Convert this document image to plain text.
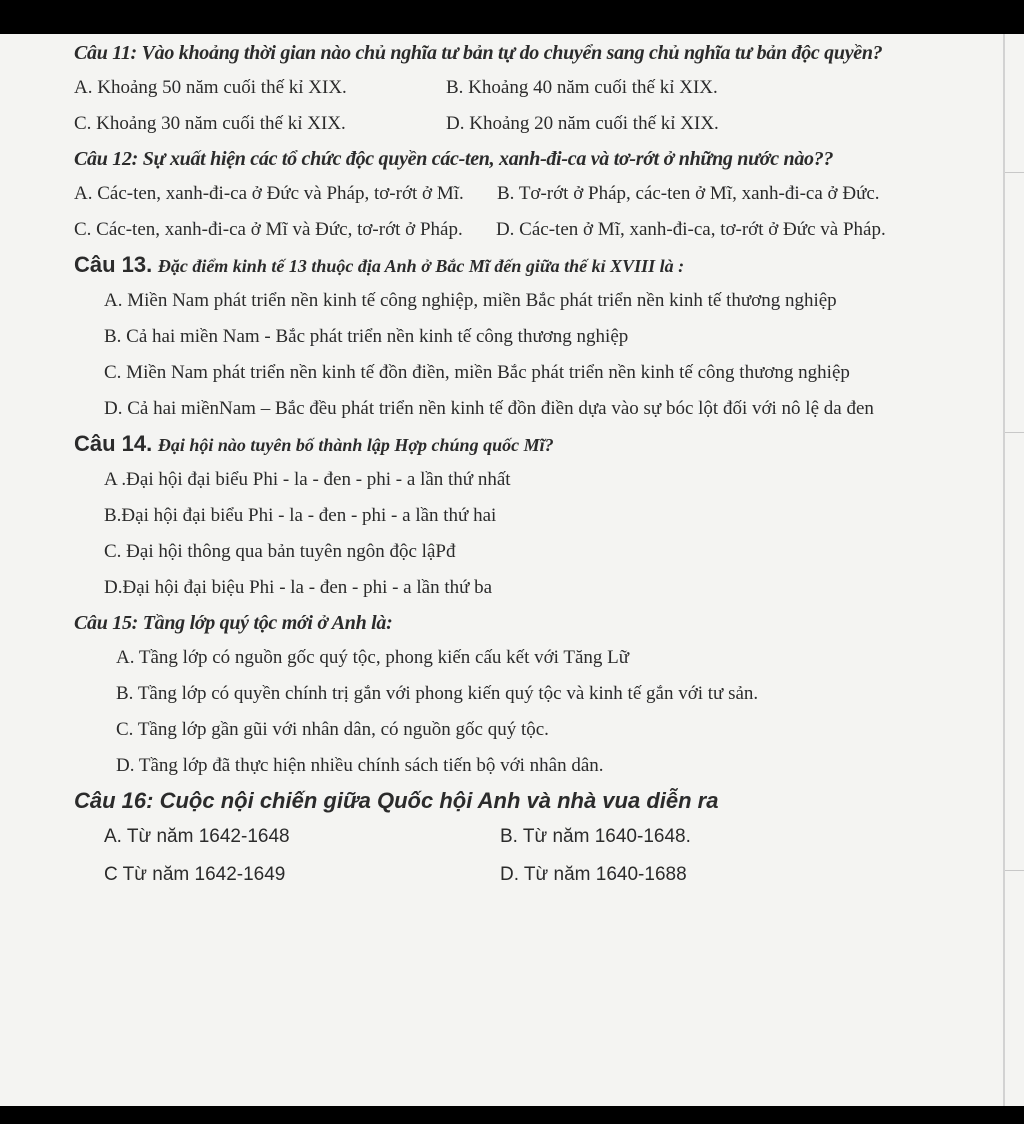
Câu 11: Vào khoảng thời gian nào chủ nghĩa tư bản tự do chuyển sang chủ nghĩa tư bản độc quyền?

A. Khoảng 50 năm cuối thế kỉ XIX.	B. Khoảng 40 năm cuối thế kỉ XIX.
C. Khoảng 30 năm cuối thế kỉ XIX.	D. Khoảng 20 năm cuối thế kỉ XIX.

Câu 12: Sự xuất hiện các tổ chức độc quyền các-ten, xanh-đi-ca và tơ-rớt ở những nước nào??

A. Các-ten, xanh-đi-ca ở Đức và Pháp, tơ-rớt ở Mĩ. B. Tơ-rớt ở Pháp, các-ten ở Mĩ, xanh-đi-ca ở Đức.
C. Các-ten, xanh-đi-ca ở Mĩ và Đức, tơ-rớt ở Pháp. D. Các-ten ở Mĩ, xanh-đi-ca, tơ-rớt ở Đức và Pháp.

Câu 13. Đặc điểm kinh tế 13 thuộc địa Anh ở Bắc Mĩ đến giữa thế kỉ XVIII là :

A. Miền Nam phát triển nền kinh tế công nghiệp, miền Bắc phát triển nền kinh tế thương nghiệp
B. Cả hai miền Nam - Bắc phát triển nền kinh tế công thương nghiệp
C. Miền Nam phát triển nền kinh tế đồn điền, miền Bắc phát triển nền kinh tế công thương nghiệp
D. Cả hai miềnNam – Bắc đều phát triển nền kinh tế đồn điền dựa vào sự bóc lột đối với nô lệ da đen

Câu 14. Đại hội nào tuyên bố thành lập Hợp chúng quốc Mĩ?

A .Đại hội đại biểu Phi - la - đen - phi - a lần thứ nhất
B.Đại hội đại biểu Phi - la - đen - phi - a lần thứ hai
C. Đại hội thông qua bản tuyên ngôn độc lậPđ
D.Đại hội đại biệu Phi - la - đen - phi - a lần thứ ba

Câu 15: Tầng lớp quý tộc mới ở Anh là:

A. Tầng lớp có nguồn gốc quý tộc, phong kiến cấu kết với Tăng Lữ
B. Tầng lớp có quyền chính trị gắn với phong kiến quý tộc và kinh tế gắn với tư sản.
C. Tầng lớp gần gũi với nhân dân, có nguồn gốc quý tộc.
D. Tầng lớp đã thực hiện nhiều chính sách tiến bộ với nhân dân.

Câu 16: Cuộc nội chiến giữa Quốc hội Anh và nhà vua diễn ra

A. Từ năm 1642-1648	B. Từ năm 1640-1648.
C Từ năm 1642-1649	D. Từ năm 1640-1688
